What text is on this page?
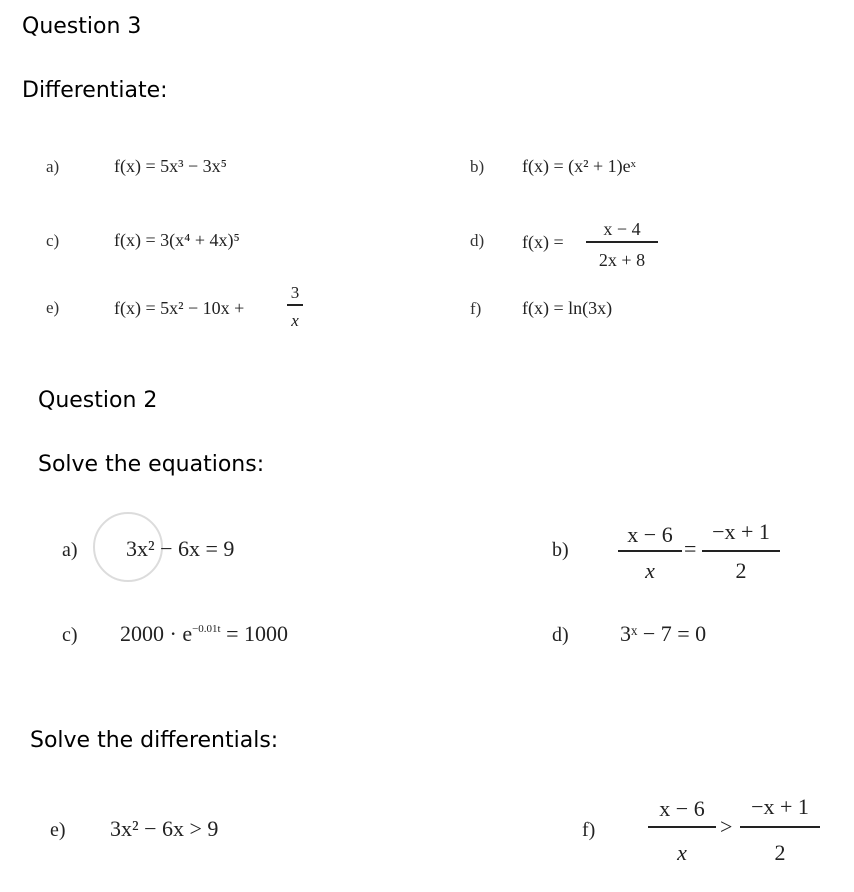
Question 3
Differentiate:
a)	f(x) = 5x³ − 3x⁵	b) f(x) = (x² + 1)eˣ
c)	f(x) = 3(x⁴ + 4x)⁵	d) f(x) =
x − 4
2x + 8
e)	f(x) = 5x² − 10x +
3
x
f) f(x) = ln(3x)
Question 2
Solve the equations:
a) 3x² − 6x = 9	b)
x − 6
x
=
−x + 1
2
c) $2000 \cdot e^{-0.01t} = 1000$	d) 3ˣ − 7 = 0
Solve the differentials:
e) 3x² − 6x > 9	f)
x − 6
x
>
−x + 1
2
